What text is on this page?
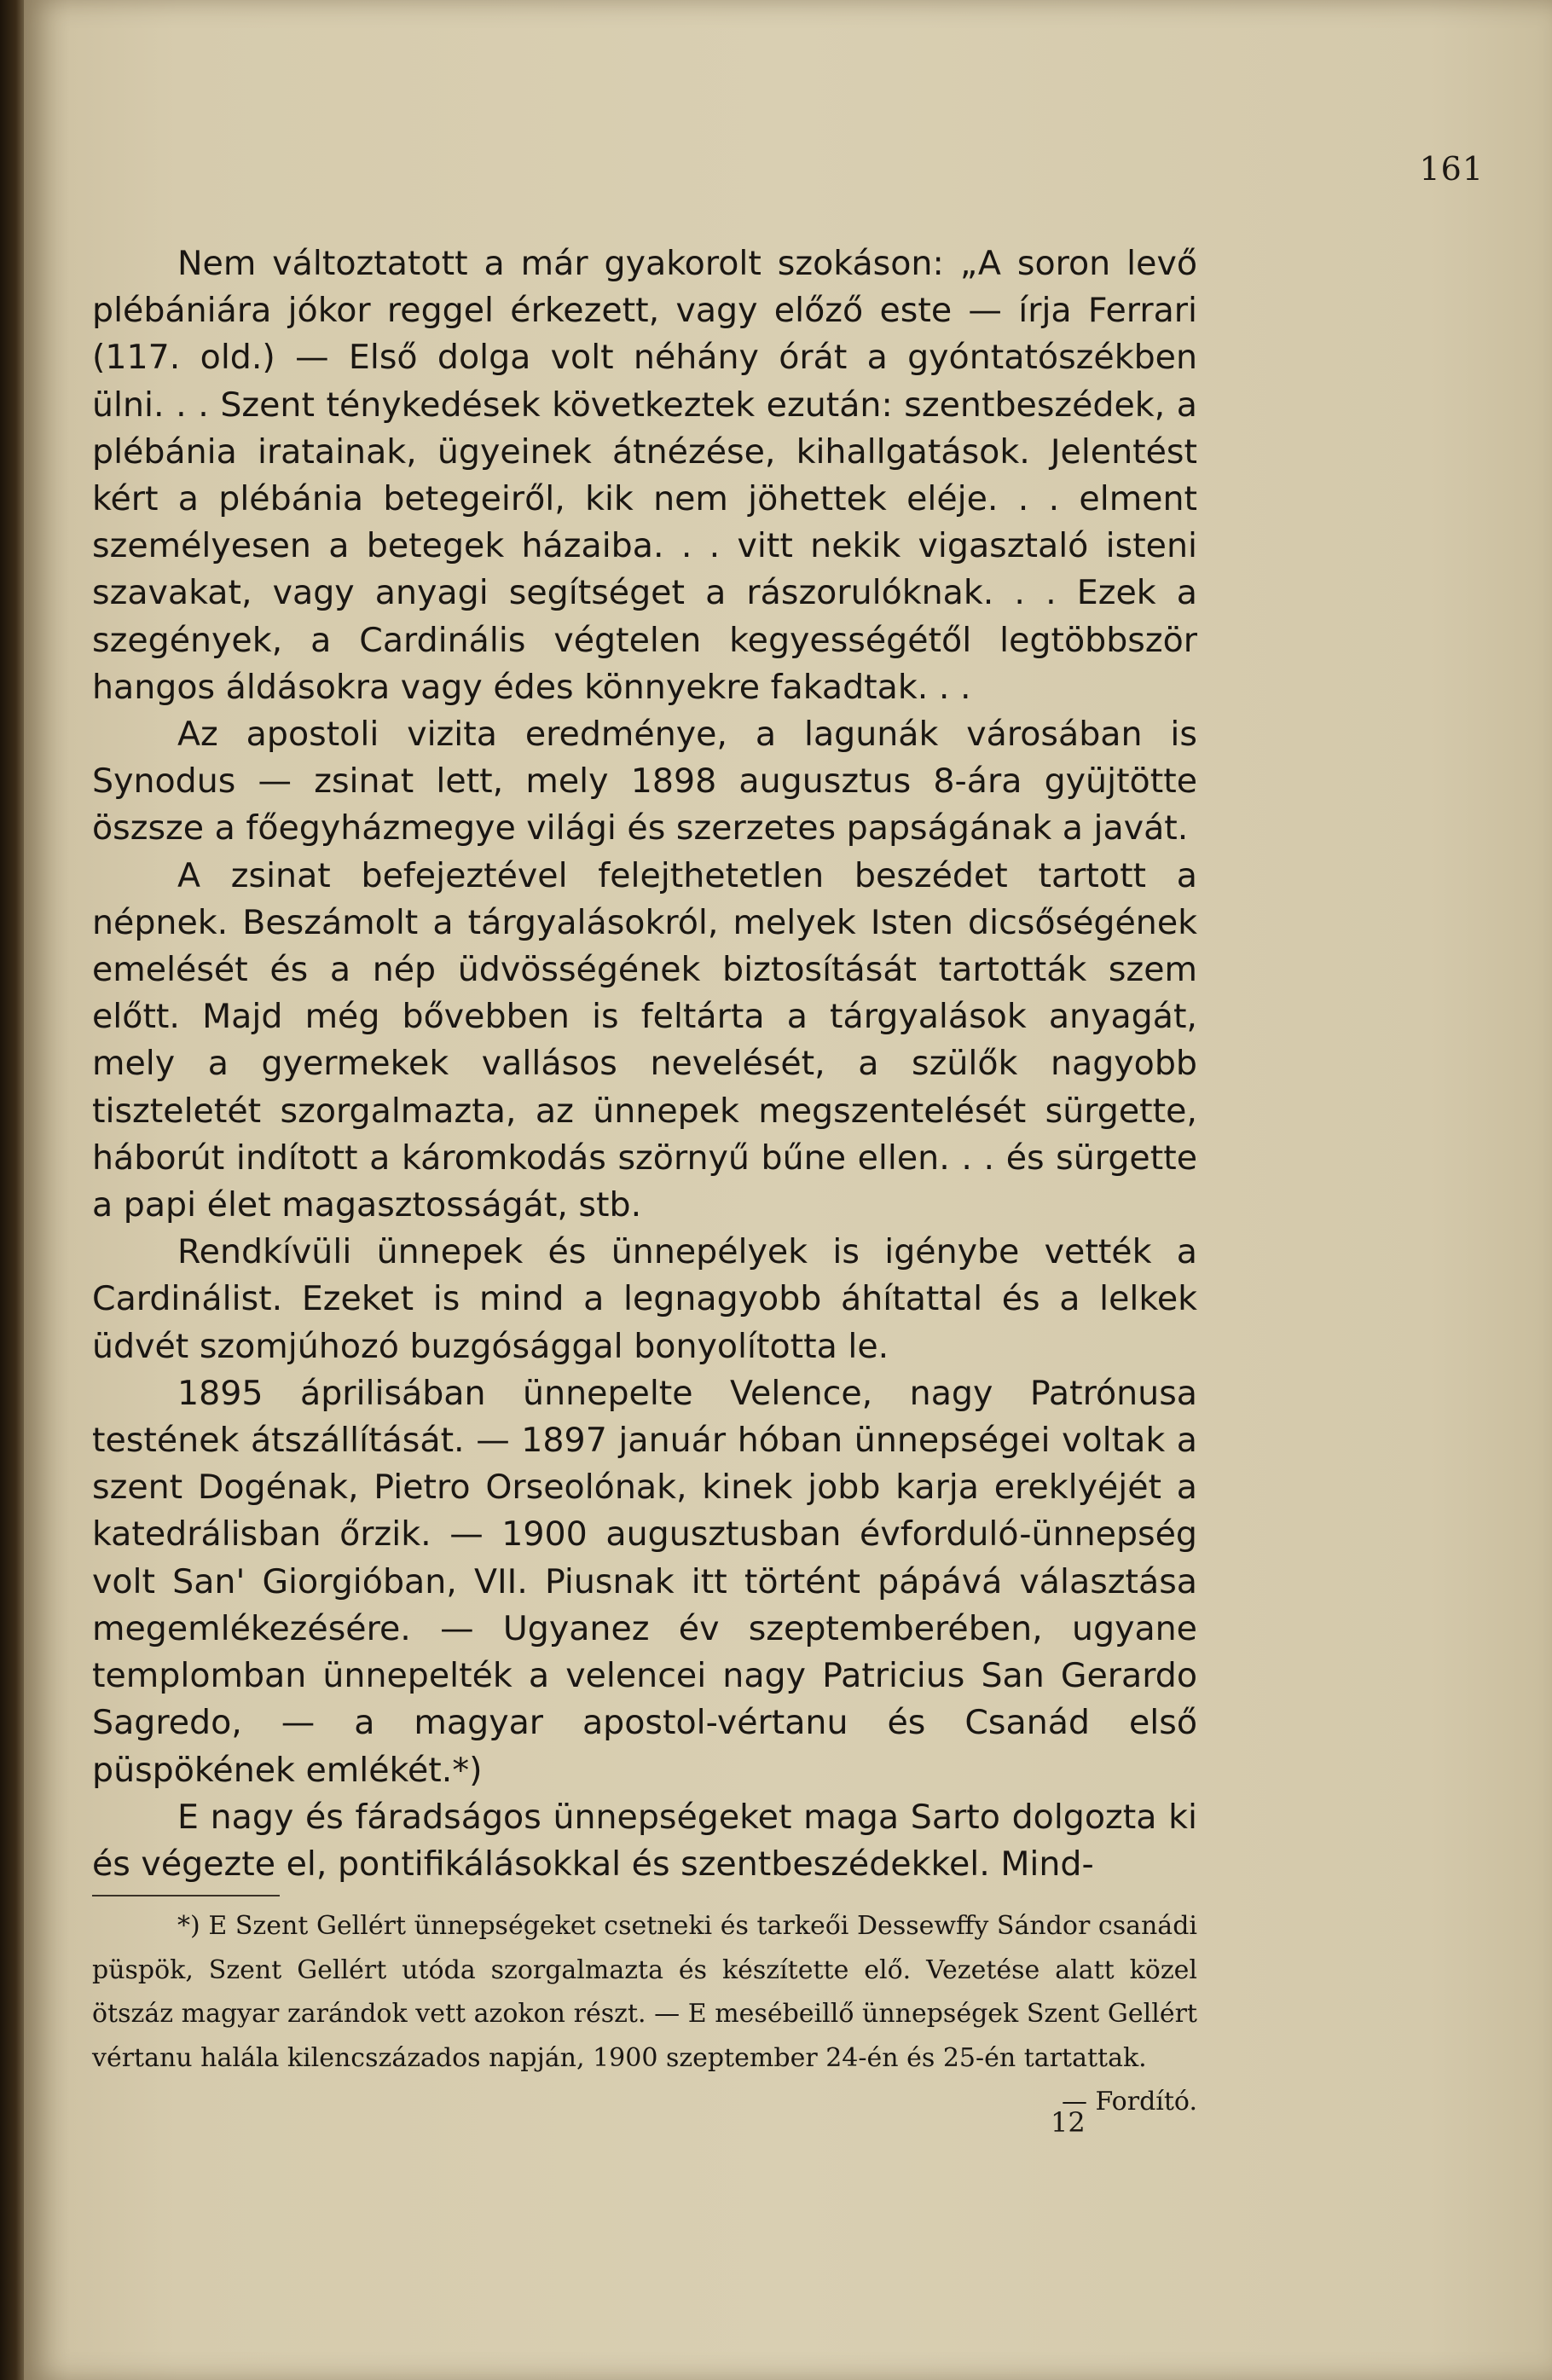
161

Nem változtatott a már gyakorolt szokáson: „A soron levő plébániára jókor reggel érkezett, vagy előző este — írja Ferrari (117. old.) — Első dolga volt néhány órát a gyóntatószékben ülni. . . Szent ténykedések következtek ezután: szentbeszédek, a plébánia iratainak, ügyeinek átnézése, kihallgatások. Jelentést kért a plébánia betegeiről, kik nem jöhettek eléje. . . elment személyesen a betegek házaiba. . . vitt nekik vigasztaló isteni szavakat, vagy anyagi segítséget a rászorulóknak. . . Ezek a szegények, a Cardinális végtelen kegyességétől legtöbbször hangos áldásokra vagy édes könnyekre fakadtak. . .

Az apostoli vizita eredménye, a lagunák városában is Synodus — zsinat lett, mely 1898 augusztus 8-ára gyüjtötte öszsze a főegyházmegye világi és szerzetes papságának a javát.

A zsinat befejeztével felejthetetlen beszédet tartott a népnek. Beszámolt a tárgyalásokról, melyek Isten dicsőségének emelését és a nép üdvösségének biztosítását tartották szem előtt. Majd még bővebben is feltárta a tárgyalások anyagát, mely a gyermekek vallásos nevelését, a szülők nagyobb tiszteletét szorgalmazta, az ünnepek megszentelését sürgette, háborút indított a káromkodás szörnyű bűne ellen. . . és sürgette a papi élet magasztosságát, stb.

Rendkívüli ünnepek és ünnepélyek is igénybe vették a Cardinálist. Ezeket is mind a legnagyobb áhítattal és a lelkek üdvét szomjúhozó buzgósággal bonyolította le.

1895 áprilisában ünnepelte Velence, nagy Patrónusa testének átszállítását. — 1897 január hóban ünnepségei voltak a szent Dogénak, Pietro Orseolónak, kinek jobb karja ereklyéjét a katedrálisban őrzik. — 1900 augusztusban évforduló-ünnepség volt San' Giorgióban, VII. Piusnak itt történt pápává választása megemlékezésére. — Ugyanez év szeptemberében, ugyane templomban ünnepelték a velencei nagy Patricius San Gerardo Sagredo, — a magyar apostol-vértanu és Csanád első püspökének emlékét.*)

E nagy és fáradságos ünnepségeket maga Sarto dolgozta ki és végezte el, pontifikálásokkal és szentbeszédekkel. Mind-

*) E Szent Gellért ünnepségeket csetneki és tarkeői Dessewffy Sándor csanádi püspök, Szent Gellért utóda szorgalmazta és készítette elő. Vezetése alatt közel ötszáz magyar zarándok vett azokon részt. — E mesébeillő ünnepségek Szent Gellért vértanu halála kilencszázados napján, 1900 szeptember 24-én és 25-én tartattak.
— Fordító.

12
